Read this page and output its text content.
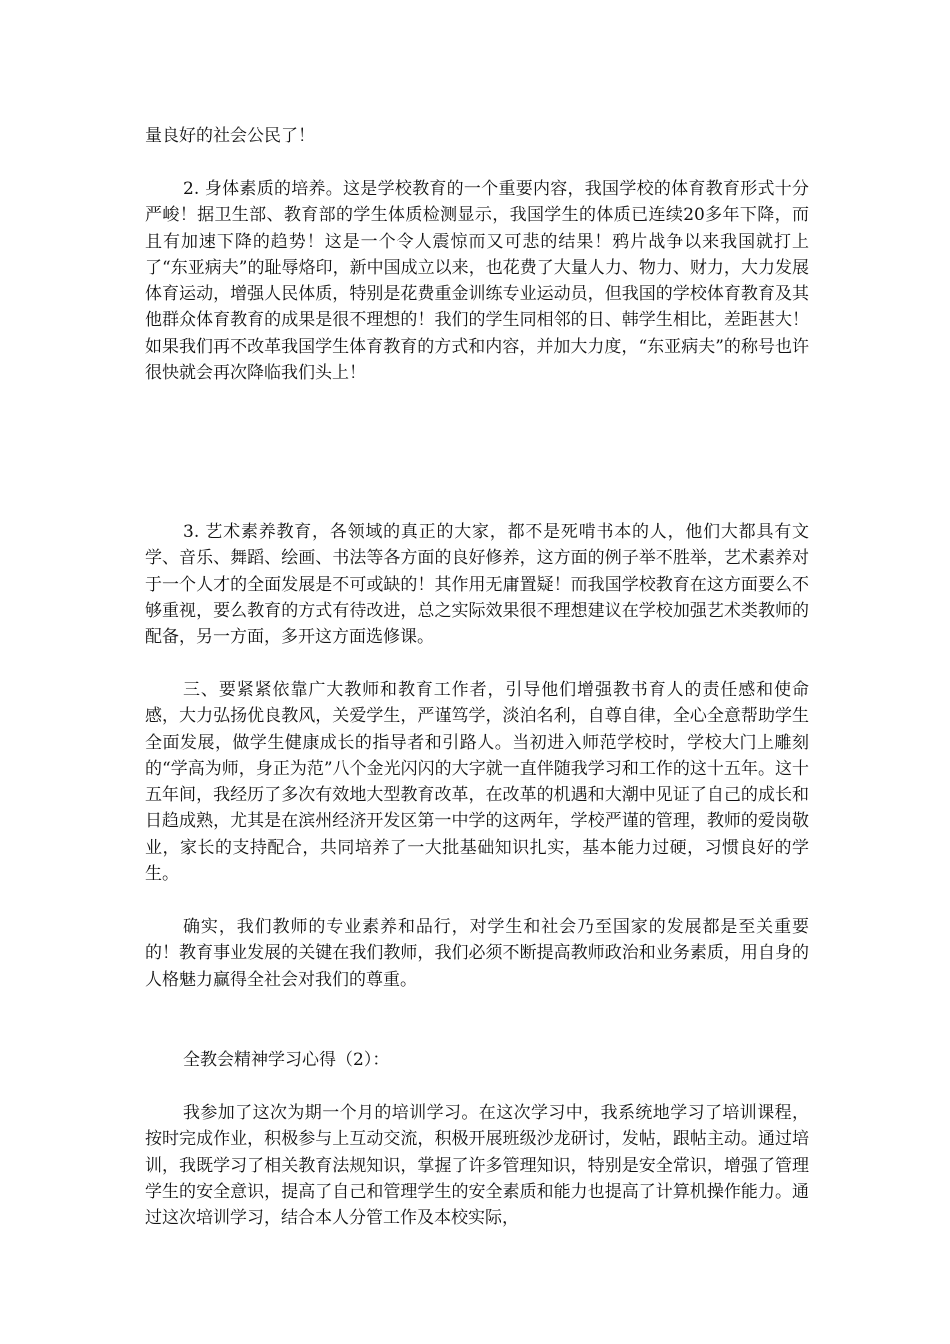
量良好的社会公民了！

2. 身体素质的培养。这是学校教育的一个重要内容，我国学校的体育教育形式十分严峻！据卫生部、教育部的学生体质检测显示，我国学生的体质已连续20多年下降，而且有加速下降的趋势！这是一个令人震惊而又可悲的结果！鸦片战争以来我国就打上了“东亚病夫”的耻辱烙印，新中国成立以来，也花费了大量人力、物力、财力，大力发展体育运动，增强人民体质，特别是花费重金训练专业运动员，但我国的学校体育教育及其他群众体育教育的成果是很不理想的！我们的学生同相邻的日、韩学生相比，差距甚大！如果我们再不改革我国学生体育教育的方式和内容，并加大力度，“东亚病夫”的称号也许很快就会再次降临我们头上！

3. 艺术素养教育，各领域的真正的大家，都不是死啃书本的人，他们大都具有文学、音乐、舞蹈、绘画、书法等各方面的良好修养，这方面的例子举不胜举，艺术素养对于一个人才的全面发展是不可或缺的！其作用无庸置疑！而我国学校教育在这方面要么不够重视，要么教育的方式有待改进，总之实际效果很不理想建议在学校加强艺术类教师的配备，另一方面，多开这方面选修课。

三、要紧紧依靠广大教师和教育工作者，引导他们增强教书育人的责任感和使命感，大力弘扬优良教风，关爱学生，严谨笃学，淡泊名利，自尊自律，全心全意帮助学生全面发展，做学生健康成长的指导者和引路人。当初进入师范学校时，学校大门上雕刻的“学高为师，身正为范”八个金光闪闪的大字就一直伴随我学习和工作的这十五年。这十五年间，我经历了多次有效地大型教育改革，在改革的机遇和大潮中见证了自己的成长和日趋成熟，尤其是在滨州经济开发区第一中学的这两年，学校严谨的管理，教师的爱岗敬业，家长的支持配合，共同培养了一大批基础知识扎实，基本能力过硬，习惯良好的学生。

确实，我们教师的专业素养和品行，对学生和社会乃至国家的发展都是至关重要的！教育事业发展的关键在我们教师，我们必须不断提高教师政治和业务素质，用自身的人格魅力赢得全社会对我们的尊重。

全教会精神学习心得（2）：

我参加了这次为期一个月的培训学习。在这次学习中，我系统地学习了培训课程，按时完成作业，积极参与上互动交流，积极开展班级沙龙研讨，发帖，跟帖主动。通过培训，我既学习了相关教育法规知识，掌握了许多管理知识，特别是安全常识，增强了管理学生的安全意识，提高了自己和管理学生的安全素质和能力也提高了计算机操作能力。通过这次培训学习，结合本人分管工作及本校实际，
